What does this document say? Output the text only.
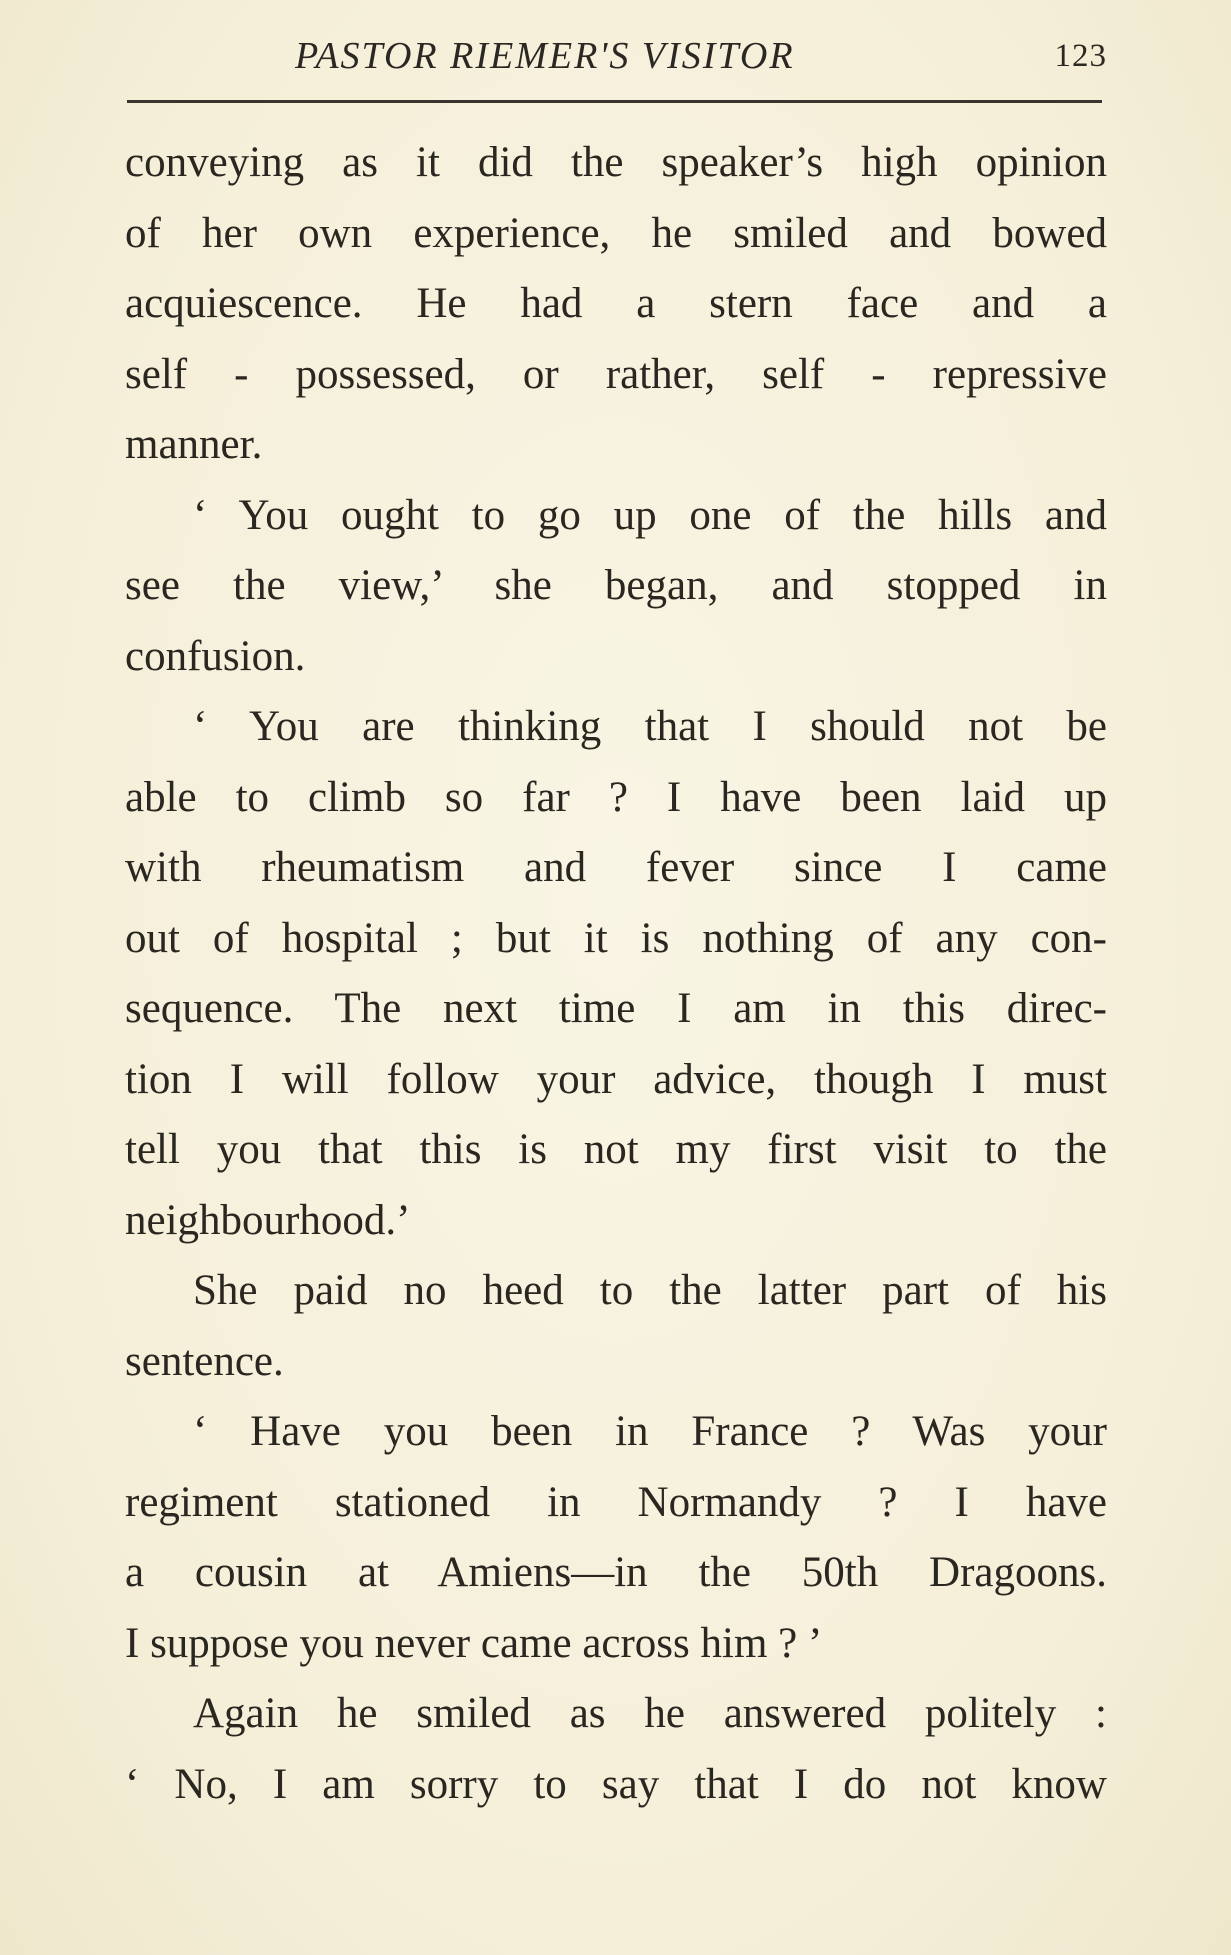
PASTOR RIEMER'S VISITOR	123
conveying as it did the speaker’s high opinion
of her own experience, he smiled and bowed
acquiescence. He had a stern face and a
self - possessed, or rather, self - repressive
manner.
‘ You ought to go up one of the hills and
see the view,’ she began, and stopped in
confusion.
‘ You are thinking that I should not be
able to climb so far ? I have been laid up
with rheumatism and fever since I came
out of hospital ; but it is nothing of any con-
sequence. The next time I am in this direc-
tion I will follow your advice, though I must
tell you that this is not my first visit to the
neighbourhood.’
She paid no heed to the latter part of his
sentence.
‘ Have you been in France ? Was your
regiment stationed in Normandy ? I have
a cousin at Amiens—in the 50th Dragoons.
I suppose you never came across him ? ’
Again he smiled as he answered politely :
‘ No, I am sorry to say that I do not know
